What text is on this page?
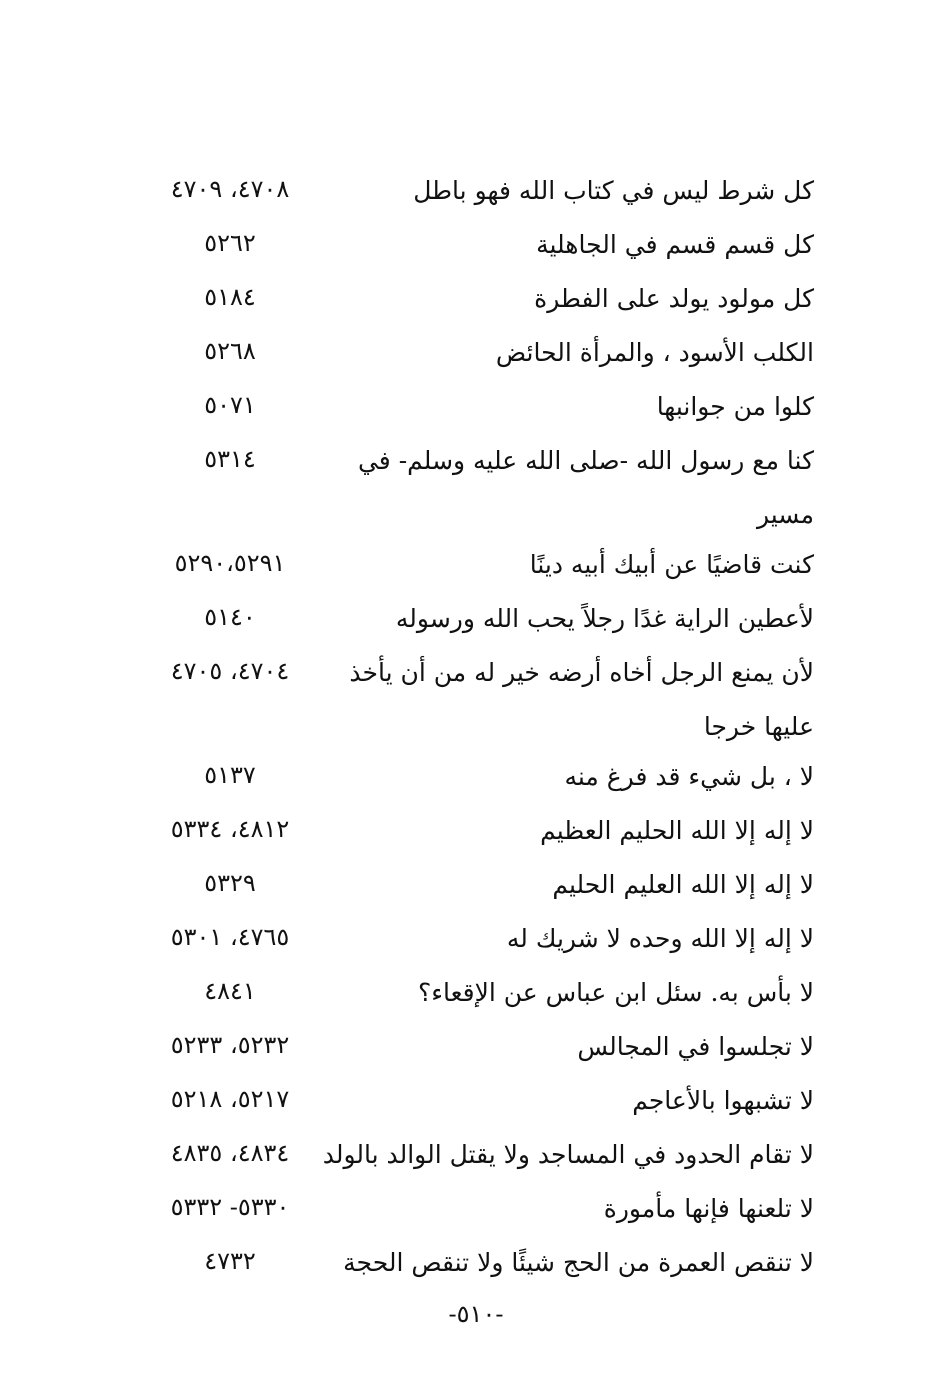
كل شرط ليس في كتاب الله فهو باطل
٤٧٠٨، ٤٧٠٩
كل قسم قسم في الجاهلية
٥٢٦٢
كل مولود يولد على الفطرة
٥١٨٤
الكلب الأسود ، والمرأة الحائض
٥٢٦٨
كلوا من جوانبها
٥٠٧١
كنا مع رسول الله -صلى الله عليه وسلم- في
٥٣١٤
مسير
كنت قاضيًا عن أبيك أبيه دينًا
٥٢٩٠،٥٢٩١
لأعطين الراية غدًا رجلاً يحب الله ورسوله
٥١٤٠
لأن يمنع الرجل أخاه أرضه خير له من أن يأخذ
٤٧٠٤، ٤٧٠٥
عليها خرجا
لا ، بل شيء قد فرغ منه
٥١٣٧
لا إله إلا الله الحليم العظيم
٤٨١٢، ٥٣٣٤
لا إله إلا الله العليم الحليم
٥٣٢٩
لا إله إلا الله وحده لا شريك له
٤٧٦٥، ٥٣٠١
لا بأس به. سئل ابن عباس عن الإقعاء؟
٤٨٤١
لا تجلسوا في المجالس
٥٢٣٢، ٥٢٣٣
لا تشبهوا بالأعاجم
٥٢١٧، ٥٢١٨
لا تقام الحدود في المساجد ولا يقتل الوالد بالولد
٤٨٣٤، ٤٨٣٥
لا تلعنها فإنها مأمورة
٥٣٣٠- ٥٣٣٢
لا تنقص العمرة من الحج شيئًا ولا تنقص الحجة
٤٧٣٢
-٥١٠-
